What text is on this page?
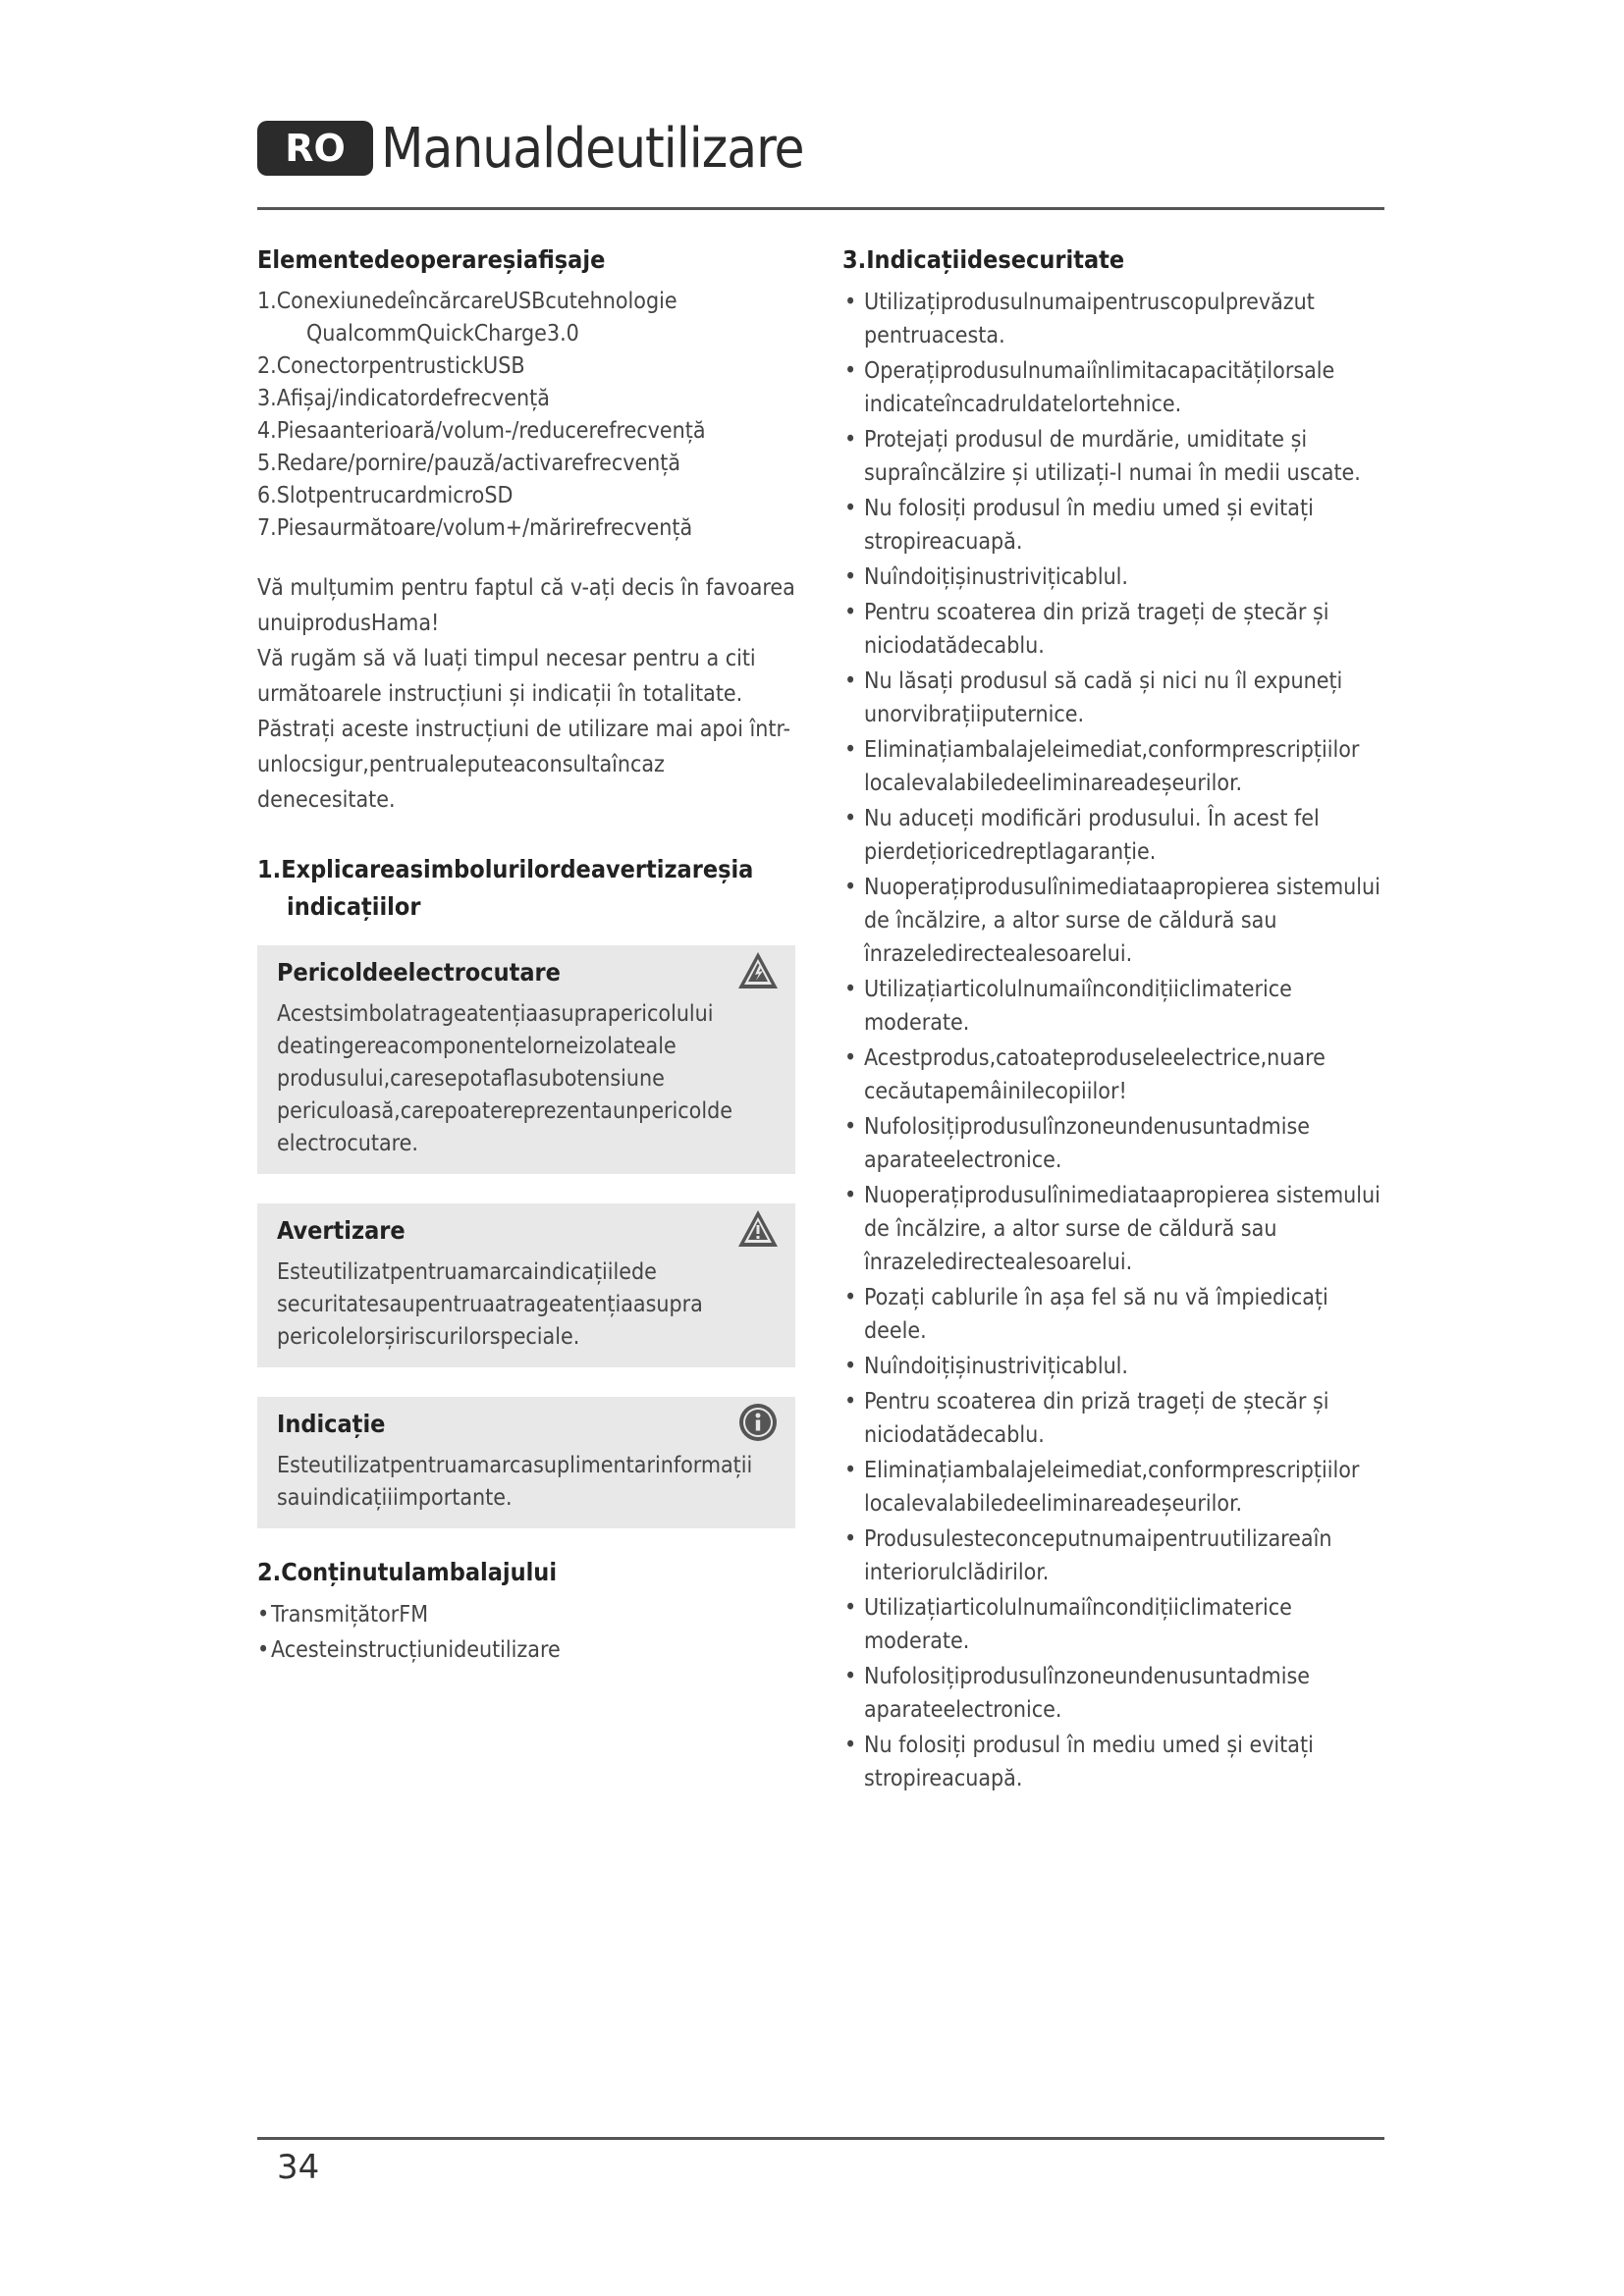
RO Manualdeutilizare
Elementedeoperareșiafișaje
1.ConexiunedeîncărcareUSBcutehnologie QualcommQuickCharge3.0
2.ConectorpentrustickUSB
3.Afișaj/indicatordefrecvență
4.Piesaanterioară/volum-/reducerefrecvență
5.Redare/pornire/pauză/activarefrecvență
6.SlotpentrucardmicroSD
7.Piesaurmătoare/volum+/mărirefrecvență

Vă mulțumim pentru faptul că v-ați decis în favoarea unuiprodusHama!

Vă rugăm să vă luați timpul necesar pentru a citi următoarele instrucțiuni și indicații în totalitate.

Păstrați aceste instrucțiuni de utilizare mai apoi într-unlocsigur,pentrualeputeaconsultaîncaz denecesitate.

1.Explicareasimbolurilordeavertizareșia indicațiilor
Pericoldeelectrocutare
Acestsimbolatrageatențiaasuprapericolului deatingereacomponentelorneizolateale produsului,caresepotaflasubotensiune periculoasă,carepoatereprezentaunpericolde electrocutare.
Avertizare
Esteutilizatpentruamarcaindicațiilede securitatesaupentruaatrageatențiaasupra pericolelorșiriscurilorspeciale.
Indicație
Esteutilizatpentruamarcasuplimentarinformații sauindicațiiimportante.
2.Conținutulambalajului
• TransmițătorFM
• Acesteinstrucțiunideutilizare
3.Indicațiidesecuritate
• Utilizațiprodusulnumaipentruscopulprevăzut pentruacesta.
• Operațiprodusulnumaiînlimitacapacitățilorsale indicateîncadruldatelortehnice.
• Protejați produsul de murdărie, umiditate și supraîncălzire și utilizați-l numai în medii uscate.
• Nu folosiți produsul în mediu umed și evitați stropireacuapă.
• Nuîndoițișinustrivițicablul.
• Pentru scoaterea din priză trageți de ștecăr și niciodatădecablu.
• Nu lăsați produsul să cadă și nici nu îl expuneți unorvibrațiiputernice.
• Eliminațiambalajeleimediat,conformprescripțiilor localevalabiledeeliminareadeșeurilor.
• Nu aduceți modificări produsului. În acest fel pierdețioricedreptlagaranție.
• Nuoperațiprodusulînimediataapropierea sistemului de încălzire, a altor surse de căldură sau înrazeledirectealesoarelui.
• Utilizațiarticolulnumaiîncondițiiclimaterice moderate.
• Acestprodus,catoateproduseleelectrice,nuare cecăutapemâinilecopiilor!
• Nufolosițiprodusulînzoneundenusuntadmise aparateelectronice.
• Nuoperațiprodusulînimediataapropierea sistemului de încălzire, a altor surse de căldură sau înrazeledirectealesoarelui.
• Pozați cablurile în așa fel să nu vă împiedicați deele.
• Nuîndoițișinustrivițicablul.
• Pentru scoaterea din priză trageți de ștecăr și niciodatădecablu.
• Eliminațiambalajeleimediat,conformprescripțiilor localevalabiledeeliminareadeșeurilor.
• Produsulesteconceputnumaipentruutilizareaîn interiorulclădirilor.
• Utilizațiarticolulnumaiîncondițiiclimaterice moderate.
• Nufolosițiprodusulînzoneundenusuntadmise aparateelectronice.
• Nu folosiți produsul în mediu umed și evitați stropireacuapă.
34
